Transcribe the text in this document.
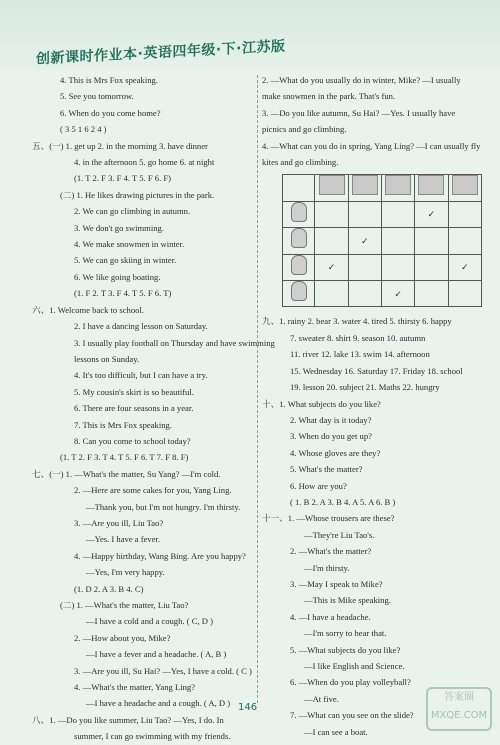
创新课时作业本·英语四年级·下·江苏版
4. This is Mrs Fox speaking.
5. See you tomorrow.
6. When do you come home?
( 3 5 1 6 2 4 )
五、(一) 1. get up 2. in the morning 3. have dinner
4. in the afternoon 5. go home 6. at night
(1. T 2. F 3. F 4. T 5. F 6. F)
(二) 1. He likes drawing pictures in the park.
2. We can go climbing in autumn.
3. We don't go swimming.
4. We make snowmen in winter.
5. We can go skiing in winter.
6. We like going boating.
(1. F 2. T 3. F 4. T 5. F 6. T)
六、1. Welcome back to school.
2. I have a dancing lesson on Saturday.
3. I usually play football on Thursday and have swimming
lessons on Sunday.
4. It's too difficult, but I can have a try.
5. My cousin's skirt is so beautiful.
6. There are four seasons in a year.
7. This is Mrs Fox speaking.
8. Can you come to school today?
(1. T 2. F 3. T 4. T 5. F 6. T 7. F 8. F)
七、(一) 1. —What's the matter, Su Yang? —I'm cold.
2. —Here are some cakes for you, Yang Ling.
—Thank you, but I'm not hungry. I'm thirsty.
3. —Are you ill, Liu Tao?
—Yes. I have a fever.
4. —Happy birthday, Wang Bing. Are you happy?
—Yes, I'm very happy.
(1. D 2. A 3. B 4. C)
(二) 1. —What's the matter, Liu Tao?
—I have a cold and a cough. ( C, D )
2. —How about you, Mike?
—I have a fever and a headache. ( A, B )
3. —Are you ill, Su Hai? —Yes, I have a cold. ( C )
4. —What's the matter, Yang Ling?
—I have a headache and a cough. ( A, D )
八、1. —Do you like summer, Liu Tao? —Yes, I do. In
summer, I can go swimming with my friends.
2. —What do you usually do in winter, Mike? —I usually
make snowmen in the park. That's fun.
3. —Do you like autumn, Su Hai? —Yes. I usually have
picnics and go climbing.
4. —What can you do in spring, Yang Ling? —I can usually fly
kites and go climbing.

				✓	
		✓			
	✓				✓
			✓		
九、1. rainy 2. bear 3. water 4. tired 5. thirsty 6. happy
7. sweater 8. shirt 9. season 10. autumn
11. river 12. lake 13. swim 14. afternoon
15. Wednesday 16. Saturday 17. Friday 18. school
19. lesson 20. subject 21. Maths 22. hungry
十、1. What subjects do you like?
2. What day is it today?
3. When do you get up?
4. Whose gloves are they?
5. What's the matter?
6. How are you?
( 1. B 2. A 3. B 4. A 5. A 6. B )
十一、1. —Whose trousers are these?
—They're Liu Tao's.
2. —What's the matter?
—I'm thirsty.
3. —May I speak to Mike?
—This is Mike speaking.
4. —I have a headache.
—I'm sorry to hear that.
5. —What subjects do you like?
—I like English and Science.
6. —When do you play volleyball?
—At five.
7. —What can you see on the slide?
—I can see a boat.
146
答案圈
MXQE.COM
